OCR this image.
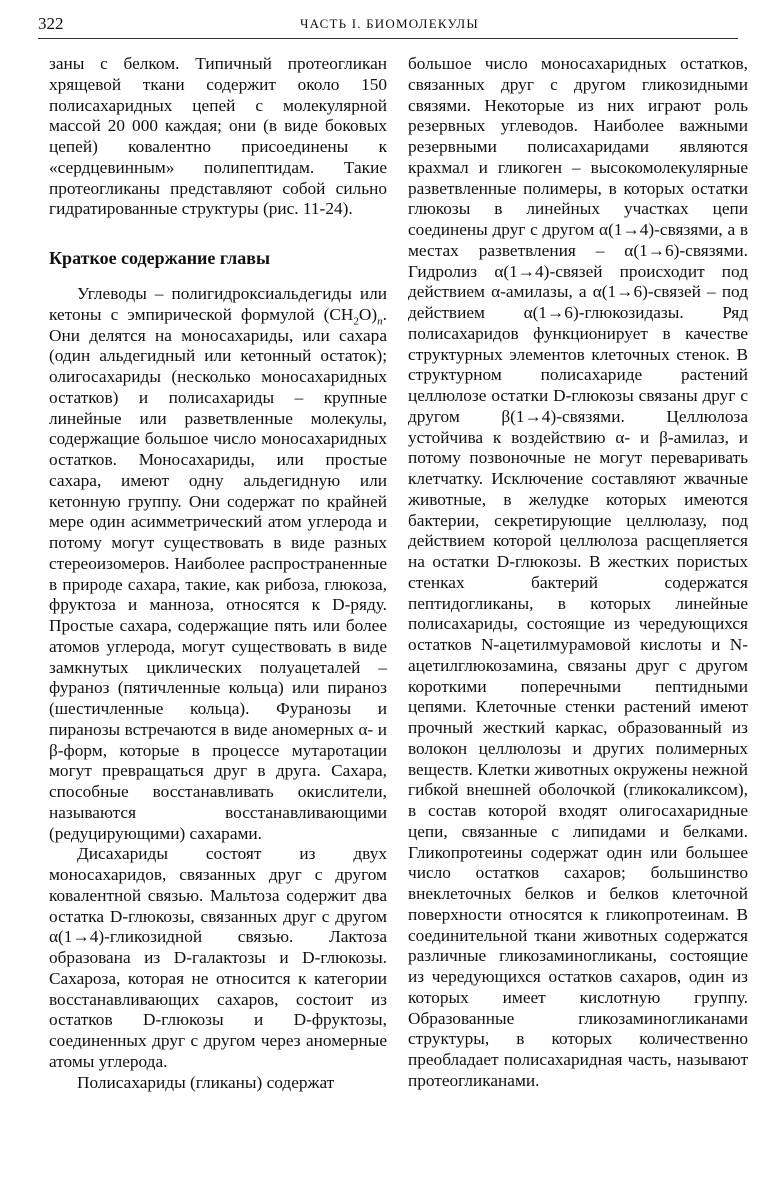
322	ЧАСТЬ I. БИОМОЛЕКУЛЫ

заны с белком. Типичный протеогликан хрящевой ткани содержит около 150 полисахаридных цепей с молекулярной массой 20 000 каждая; они (в виде боковых цепей) ковалентно присоединены к «сердцевинным» полипептидам. Такие протеогликаны представляют собой сильно гидратированные структуры (рис. 11-24).

Краткое содержание главы

Углеводы – полигидроксиальдегиды или кетоны с эмпирической формулой $(CH_2O)_n$. Они делятся на моносахариды, или сахара (один альдегидный или кетонный остаток); олигосахариды (несколько моносахаридных остатков) и полисахариды – крупные линейные или разветвленные молекулы, содержащие большое число моносахаридных остатков. Моносахариды, или простые сахара, имеют одну альдегидную или кетонную группу. Они содержат по крайней мере один асимметрический атом углерода и потому могут существовать в виде разных стереоизомеров. Наиболее распространенные в природе сахара, такие, как рибоза, глюкоза, фруктоза и манноза, относятся к D-ряду. Простые сахара, содержащие пять или более атомов углерода, могут существовать в виде замкнутых циклических полуацеталей – фураноз (пятичленные кольца) или пираноз (шестичленные кольца). Фуранозы и пиранозы встречаются в виде аномерных α- и β-форм, которые в процессе мутаротации могут превращаться друг в друга. Сахара, способные восстанавливать окислители, называются восстанавливающими (редуцирующими) сахарами.

Дисахариды состоят из двух моносахаридов, связанных друг с другом ковалентной связью. Мальтоза содержит два остатка D-глюкозы, связанных друг с другом α(1→4)-гликозидной связью. Лактоза образована из D-галактозы и D-глюкозы. Сахароза, которая не относится к категории восстанавливающих сахаров, состоит из остатков D-глюкозы и D-фруктозы, соединенных друг с другом через аномерные атомы углерода.

Полисахариды (гликаны) содержат

большое число моносахаридных остатков, связанных друг с другом гликозидными связями. Некоторые из них играют роль резервных углеводов. Наиболее важными резервными полисахаридами являются крахмал и гликоген – высокомолекулярные разветвленные полимеры, в которых остатки глюкозы в линейных участках цепи соединены друг с другом α(1→4)-связями, а в местах разветвления – α(1→6)-связями. Гидролиз α(1→4)-связей происходит под действием α-амилазы, а α(1→6)-связей – под действием α(1→6)-глюкозидазы. Ряд полисахаридов функционирует в качестве структурных элементов клеточных стенок. В структурном полисахариде растений целлюлозе остатки D-глюкозы связаны друг с другом β(1→4)-связями. Целлюлоза устойчива к воздействию α- и β-амилаз, и потому позвоночные не могут переваривать клетчатку. Исключение составляют жвачные животные, в желудке которых имеются бактерии, секретирующие целлюлазу, под действием которой целлюлоза расщепляется на остатки D-глюкозы. В жестких пористых стенках бактерий содержатся пептидогликаны, в которых линейные полисахариды, состоящие из чередующихся остатков N-ацетилмурамовой кислоты и N-ацетилглюкозамина, связаны друг с другом короткими поперечными пептидными цепями. Клеточные стенки растений имеют прочный жесткий каркас, образованный из волокон целлюлозы и других полимерных веществ. Клетки животных окружены нежной гибкой внешней оболочкой (гликокаликсом), в состав которой входят олигосахаридные цепи, связанные с липидами и белками. Гликопротеины содержат один или большее число остатков сахаров; большинство внеклеточных белков и белков клеточной поверхности относятся к гликопротеинам. В соединительной ткани животных содержатся различные гликозаминогликаны, состоящие из чередующихся остатков сахаров, один из которых имеет кислотную группу. Образованные гликозаминогликанами структуры, в которых количественно преобладает полисахаридная часть, называют протеогликанами.
